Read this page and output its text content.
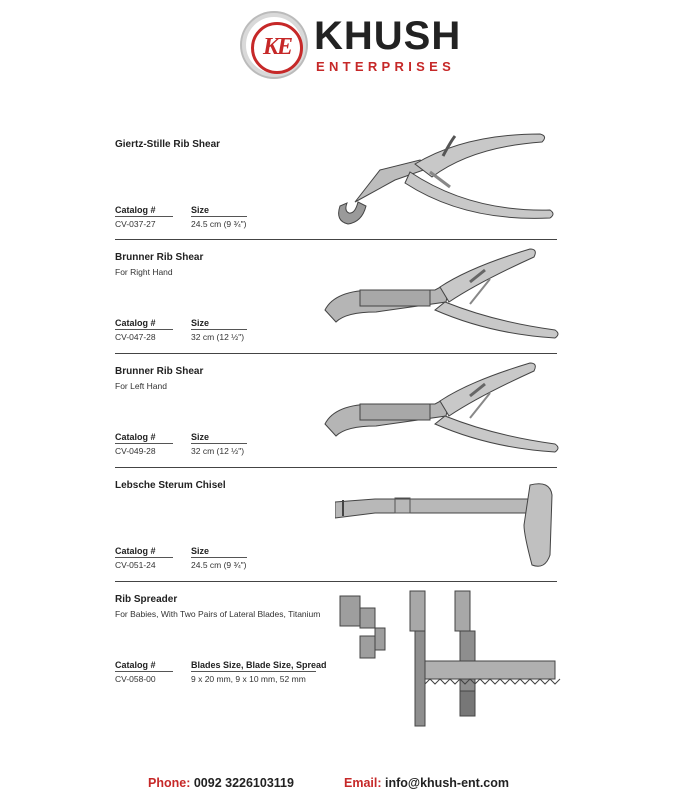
KE KHUSH
ENTERPRISES
Giertz-Stille Rib Shear
Catalog #	Size
CV-037-27	24.5 cm (9 ¾")
Brunner Rib Shear
For Right Hand
Catalog #	Size
CV-047-28	32 cm (12 ½")
Brunner Rib Shear
For Left Hand
Catalog #	Size
CV-049-28	32 cm (12 ½")
Lebsche Sterum Chisel
Catalog #	Size
CV-051-24	24.5 cm (9 ¾")
Rib Spreader
For Babies, With Two Pairs of Lateral Blades, Titanium
Catalog #	Blades Size, Blade Size, Spread
CV-058-00	9 x 20 mm, 9 x 10 mm, 52 mm
Phone: 0092 3226103119	Email: info@khush-ent.com
